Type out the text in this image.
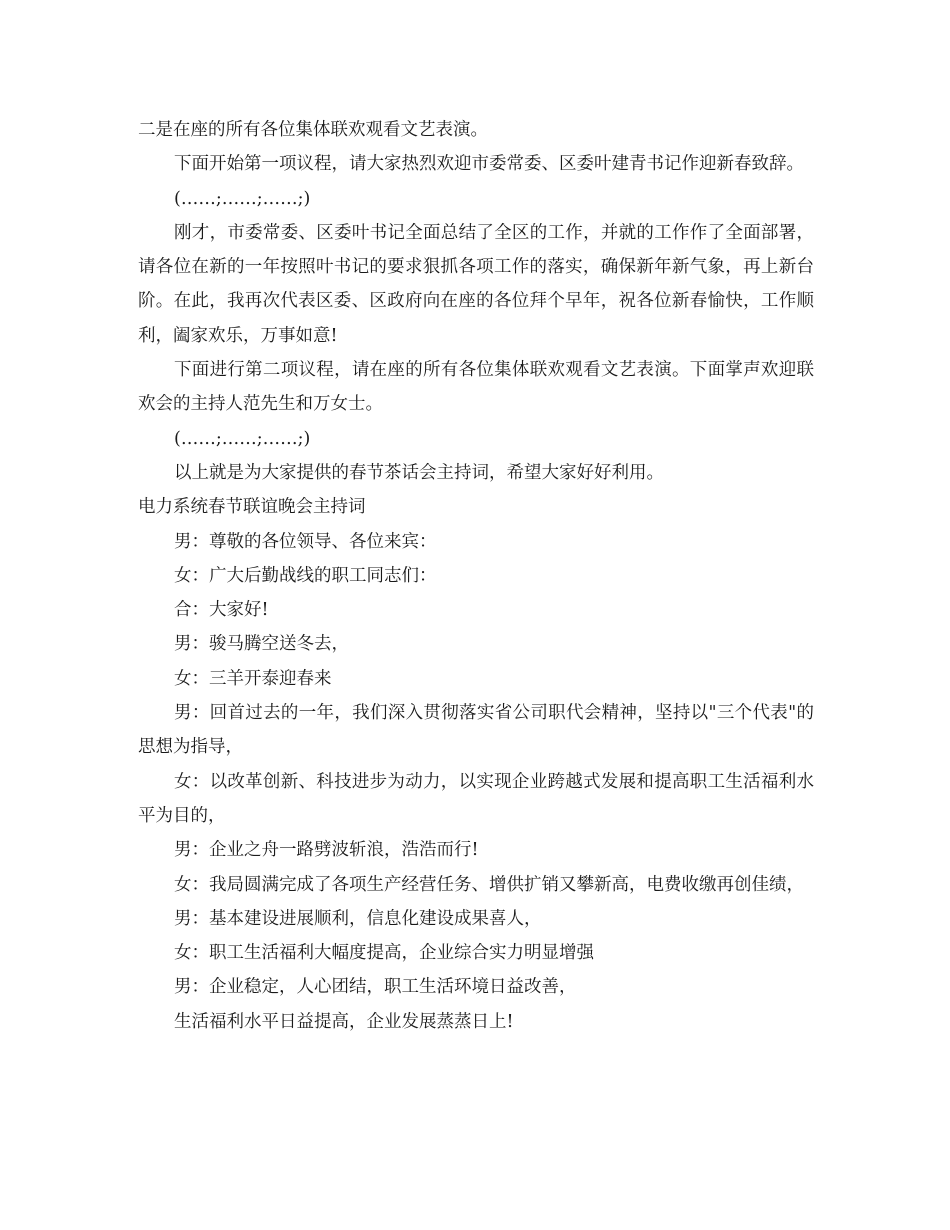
二是在座的所有各位集体联欢观看文艺表演。

下面开始第一项议程，请大家热烈欢迎市委常委、区委叶建青书记作迎新春致辞。

(……;……;……;)

刚才，市委常委、区委叶书记全面总结了全区的工作，并就的工作作了全面部署，请各位在新的一年按照叶书记的要求狠抓各项工作的落实，确保新年新气象，再上新台阶。在此，我再次代表区委、区政府向在座的各位拜个早年，祝各位新春愉快，工作顺利，阖家欢乐，万事如意!

下面进行第二项议程，请在座的所有各位集体联欢观看文艺表演。下面掌声欢迎联欢会的主持人范先生和万女士。

(……;……;……;)

以上就是为大家提供的春节茶话会主持词，希望大家好好利用。

电力系统春节联谊晚会主持词

男：尊敬的各位领导、各位来宾：

女：广大后勤战线的职工同志们：

合：大家好!

男：骏马腾空送冬去，

女：三羊开泰迎春来

男：回首过去的一年，我们深入贯彻落实省公司职代会精神，坚持以"三个代表"的思想为指导，

女：以改革创新、科技进步为动力，以实现企业跨越式发展和提高职工生活福利水平为目的，

男：企业之舟一路劈波斩浪，浩浩而行!

女：我局圆满完成了各项生产经营任务、增供扩销又攀新高，电费收缴再创佳绩，

男：基本建设进展顺利，信息化建设成果喜人，

女：职工生活福利大幅度提高，企业综合实力明显增强

男：企业稳定，人心团结，职工生活环境日益改善，

生活福利水平日益提高，企业发展蒸蒸日上!
